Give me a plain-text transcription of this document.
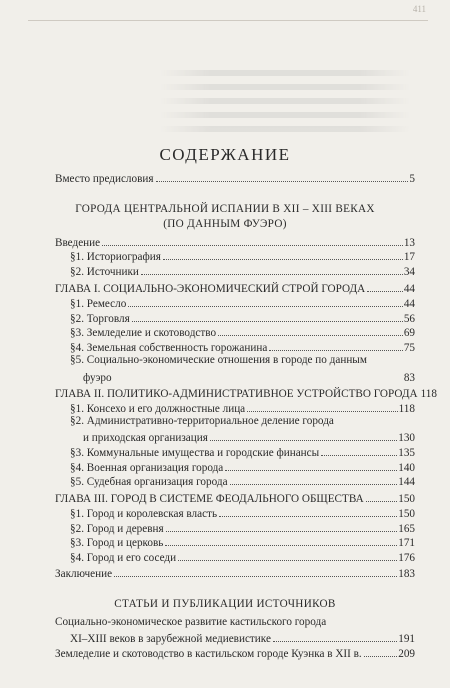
411
СОДЕРЖАНИЕ
Вместо предисловия	5
ГОРОДА ЦЕНТРАЛЬНОЙ ИСПАНИИ В XII – XIII ВЕКАХ
(ПО ДАННЫМ ФУЭРО)
Введение	13
§1. Историография	17
§2. Источники	34
ГЛАВА I. СОЦИАЛЬНО-ЭКОНОМИЧЕСКИЙ СТРОЙ ГОРОДА	44
§1. Ремесло	44
§2. Торговля	56
§3. Земледелие и скотоводство	69
§4. Земельная собственность горожанина	75
§5. Социально-экономические отношения в городе по данным
фуэро	83
ГЛАВА II. ПОЛИТИКО-АДМИНИСТРАТИВНОЕ УСТРОЙСТВО ГОРОДА 118
§1. Консехо и его должностные лица	118
§2. Административно-территориальное деление города
и приходская организация	130
§3. Коммунальные имущества и городские финансы	135
§4. Военная организация города	140
§5. Судебная организация города	144
ГЛАВА III. ГОРОД В СИСТЕМЕ ФЕОДАЛЬНОГО ОБЩЕСТВА	150
§1. Город и королевская власть	150
§2. Город и деревня	165
§3. Город и церковь	171
§4. Город и его соседи	176
Заключение	183
СТАТЬИ И ПУБЛИКАЦИИ ИСТОЧНИКОВ
Социально-экономическое развитие кастильского города
XI–XIII веков в зарубежной медиевистике	191
Земледелие и скотоводство в кастильском городе Куэнка в XII в.	209
